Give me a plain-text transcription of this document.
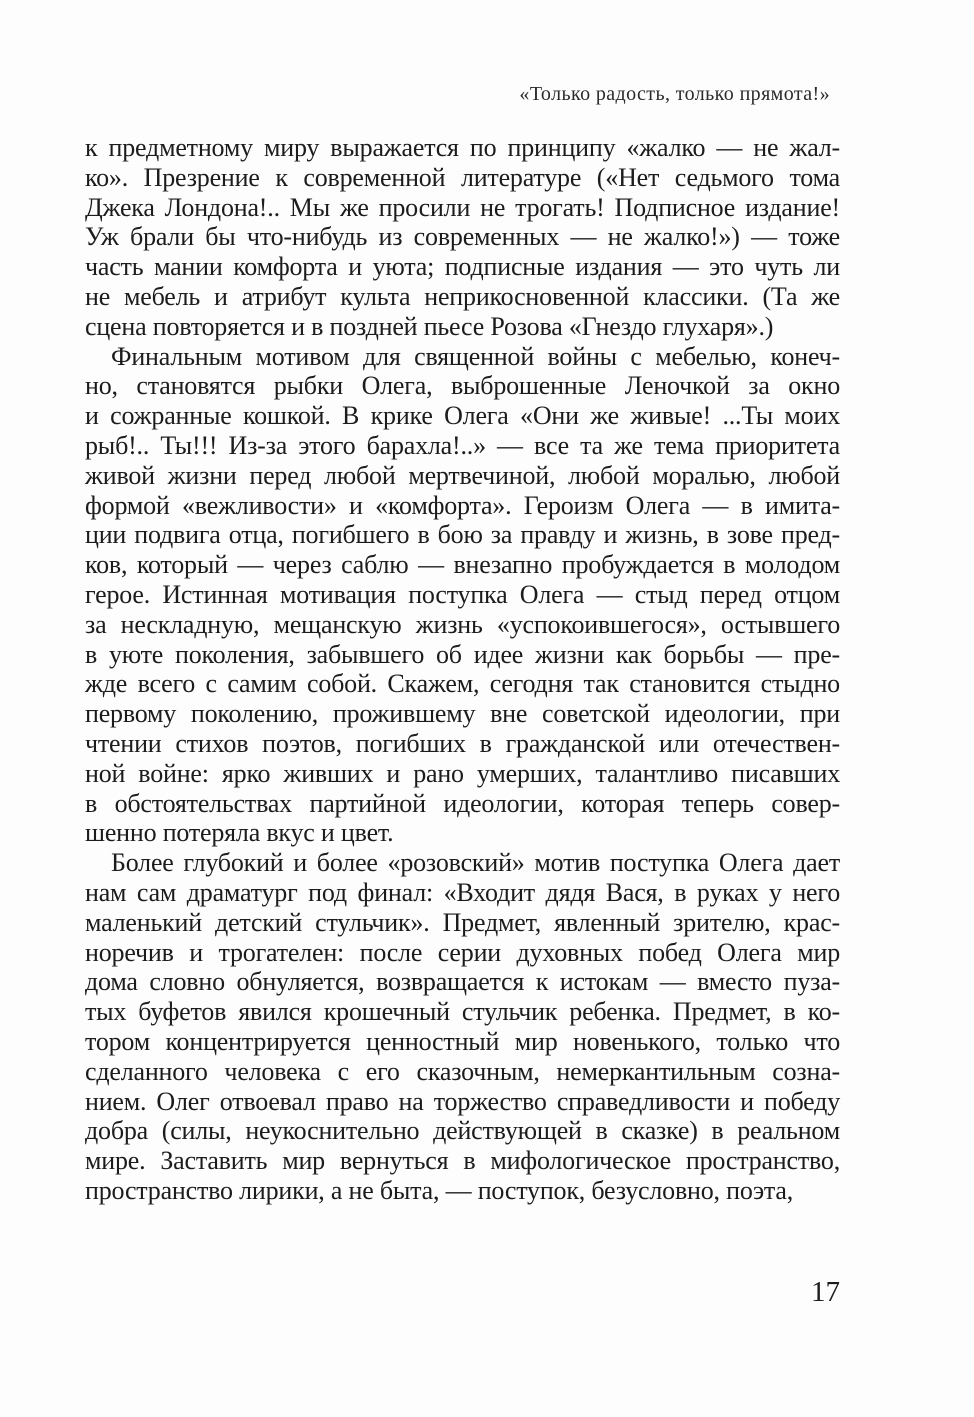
«Только радость, только прямота!»
к предметному миру выражается по принципу «жалко — не жал-
ко». Презрение к современной литературе («Нет седьмого тома
Джека Лондона!.. Мы же просили не трогать! Подписное издание!
Уж брали бы что-нибудь из современных — не жалко!») — тоже
часть мании комфорта и уюта; подписные издания — это чуть ли
не мебель и атрибут культа неприкосновенной классики. (Та же
сцена повторяется и в поздней пьесе Розова «Гнездо глухаря».)
Финальным мотивом для священной войны с мебелью, конеч-
но, становятся рыбки Олега, выброшенные Леночкой за окно
и сожранные кошкой. В крике Олега «Они же живые! ...Ты моих
рыб!.. Ты!!! Из-за этого барахла!..» — все та же тема приоритета
живой жизни перед любой мертвечиной, любой моралью, любой
формой «вежливости» и «комфорта». Героизм Олега — в имита-
ции подвига отца, погибшего в бою за правду и жизнь, в зове пред-
ков, который — через саблю — внезапно пробуждается в молодом
герое. Истинная мотивация поступка Олега — стыд перед отцом
за нескладную, мещанскую жизнь «успокоившегося», остывшего
в уюте поколения, забывшего об идее жизни как борьбы — пре-
жде всего с самим собой. Скажем, сегодня так становится стыдно
первому поколению, прожившему вне советской идеологии, при
чтении стихов поэтов, погибших в гражданской или отечествен-
ной войне: ярко живших и рано умерших, талантливо писавших
в обстоятельствах партийной идеологии, которая теперь совер-
шенно потеряла вкус и цвет.
Более глубокий и более «розовский» мотив поступка Олега дает
нам сам драматург под финал: «Входит дядя Вася, в руках у него
маленький детский стульчик». Предмет, явленный зрителю, крас-
норечив и трогателен: после серии духовных побед Олега мир
дома словно обнуляется, возвращается к истокам — вместо пуза-
тых буфетов явился крошечный стульчик ребенка. Предмет, в ко-
тором концентрируется ценностный мир новенького, только что
сделанного человека с его сказочным, немеркантильным созна-
нием. Олег отвоевал право на торжество справедливости и победу
добра (силы, неукоснительно действующей в сказке) в реальном
мире. Заставить мир вернуться в мифологическое пространство,
пространство лирики, а не быта, — поступок, безусловно, поэта,
17
